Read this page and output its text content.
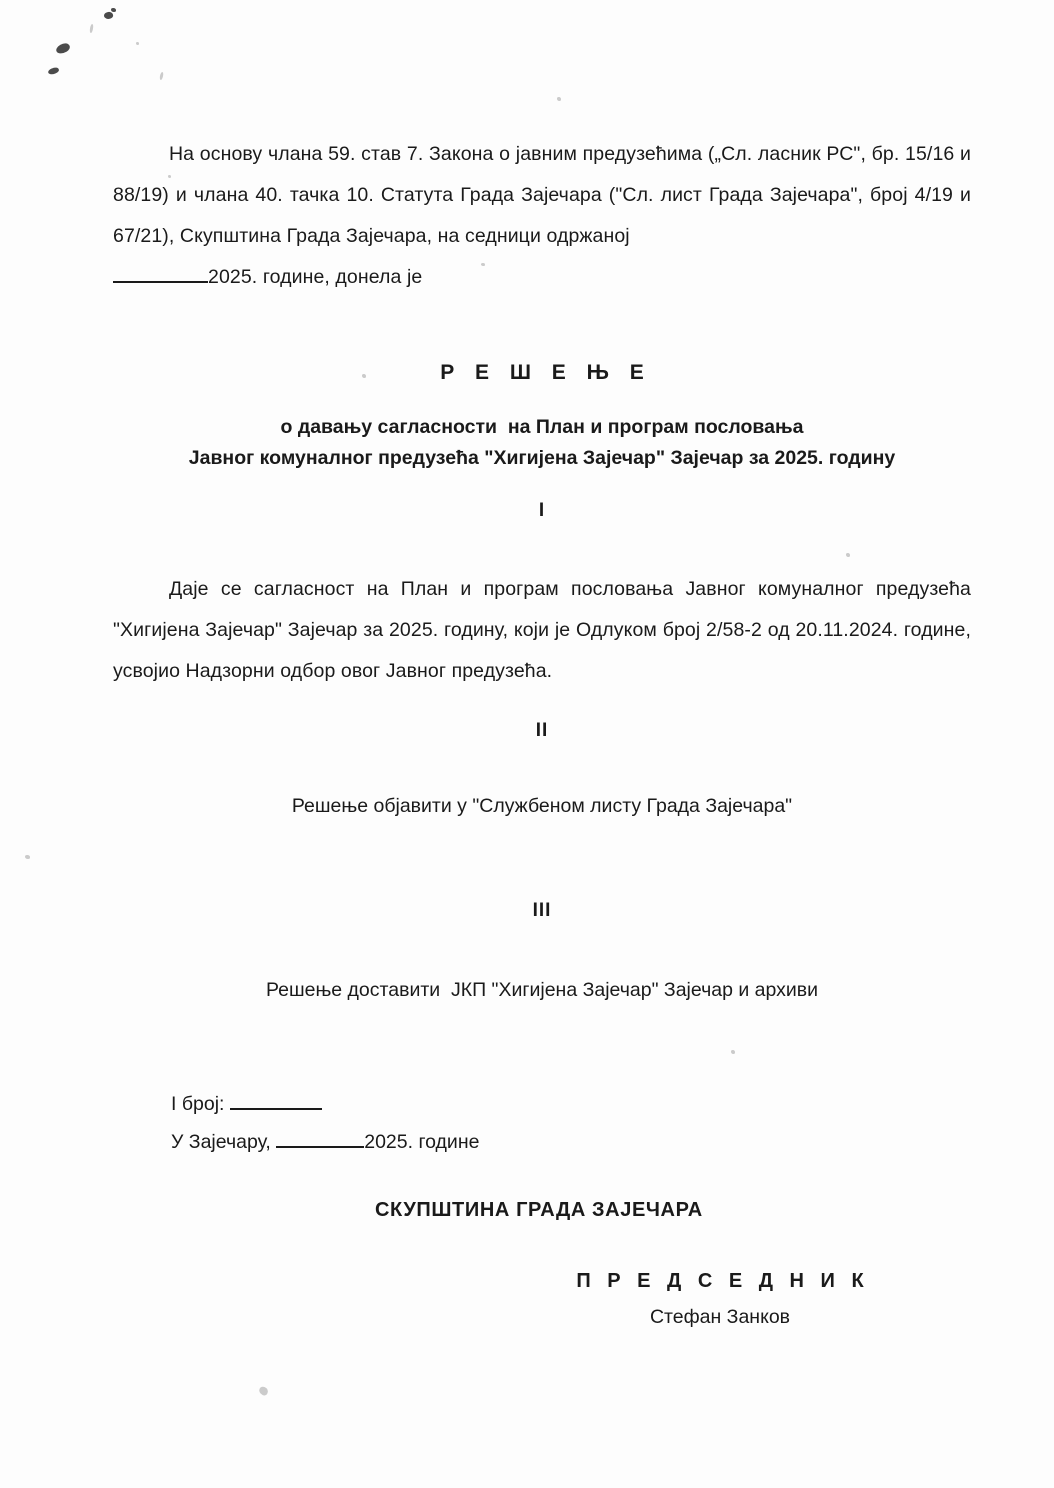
На основу члана 59. став 7. Закона о јавним предузећима („Сл. ласник РС", бр. 15/16 и 88/19) и члана 40. тачка 10. Статута Града Зајечара ("Сл. лист Града Зајечара", број 4/19 и 67/21), Скупштина Града Зајечара, на седници одржаној

2025. године, донела је

Р Е Ш Е Њ Е

о давању сагласности  на План и програм пословања

Јавног комуналног предузећа "Хигијена Зајечар" Зајечар за 2025. годину

I

Даје се сагласност на План и програм пословања Јавног комуналног предузећа "Хигијена Зајечар" Зајечар за 2025. годину, који је Одлуком број 2/58-2 од 20.11.2024. године, усвојио Надзорни одбор овог Јавног предузећа.

II

Решење објавити у "Службеном листу Града Зајечара"

III

Решење доставити  ЈКП "Хигијена Зајечар" Зајечар и архиви

I број:
У Зајечару,	2025. године
СКУПШТИНА ГРАДА ЗАЈЕЧАРА
П Р Е Д С Е Д Н И К
Стефан Занков
